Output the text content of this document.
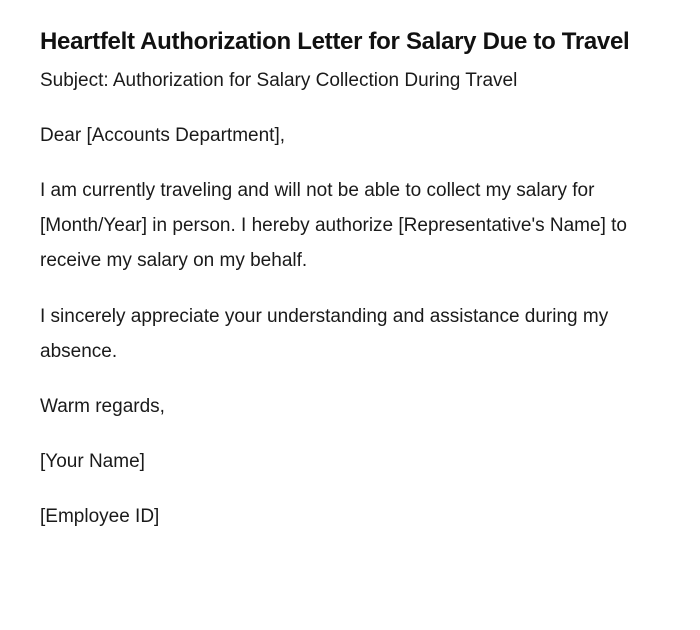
Heartfelt Authorization Letter for Salary Due to Travel

Subject: Authorization for Salary Collection During Travel

Dear [Accounts Department],

I am currently traveling and will not be able to collect my salary for [Month/Year] in person. I hereby authorize [Representative's Name] to receive my salary on my behalf.

I sincerely appreciate your understanding and assistance during my absence.

Warm regards,

[Your Name]

[Employee ID]
